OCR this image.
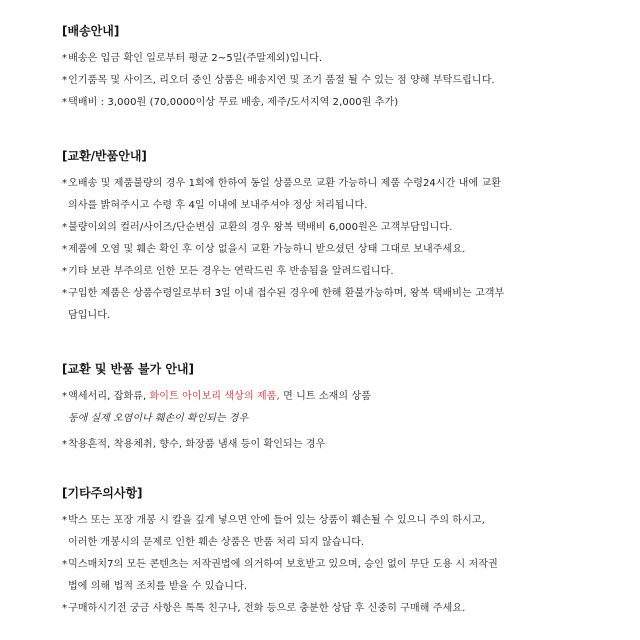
[배송안내]
*배송은 입금 확인 일로부터 평균 2~5일(주말제외)입니다.
*인기품목 및 사이즈, 리오더 중인 상품은 배송지연 및 조기 품절 될 수 있는 점 양해 부탁드립니다.
*택배비 : 3,000원 (70,0000이상 무료 배송, 제주/도서지역 2,000원 추가)
[교환/반품안내]
*오배송 및 제품불량의 경우 1회에 한하여 동일 상품으로 교환 가능하니 제품 수령24시간 내에 교환
의사를 밝혀주시고 수령 후 4일 이내에 보내주셔야 정상 처리됩니다.
*불량이외의 컬러/사이즈/단순변심 교환의 경우 왕복 택배비 6,000원은 고객부담입니다.
*제품에 오염 및 훼손 확인 후 이상 없을시 교환 가능하니 받으셨던 상태 그대로 보내주세요.
*기타 보관 부주의로 인한 모든 경우는 연락드린 후 반송됨을 알려드립니다.
*구입한 제품은 상품수령일로부터 3일 이내 접수된 경우에 한해 환불가능하며, 왕복 택배비는 고객부
담입니다.
[교환 및 반품 불가 안내]
*액세서리, 잡화류, 화이트 아이보리 색상의 제품, 면 니트 소재의 상품
동애 실제 오염이나 훼손이 확인되는 경우
*착용흔적, 착용체취, 향수, 화장품 냄새 등이 확인되는 경우
[기타주의사항]
*박스 또는 포장 개봉 시 칼을 깊게 넣으면 안에 들어 있는 상품이 훼손될 수 있으니 주의 하시고,
이러한 개봉시의 문제로 인한 훼손 상품은 반품 처리 되지 않습니다.
*믹스매치7의 모든 콘텐츠는 저작권법에 의거하여 보호받고 있으며, 승인 없이 무단 도용 시 저작권
법에 의해 법적 조치를 받을 수 있습니다.
*구매하시기전 궁금 사항은 톡톡 친구나, 전화 등으로 충분한 상담 후 신중히 구매해 주세요.
